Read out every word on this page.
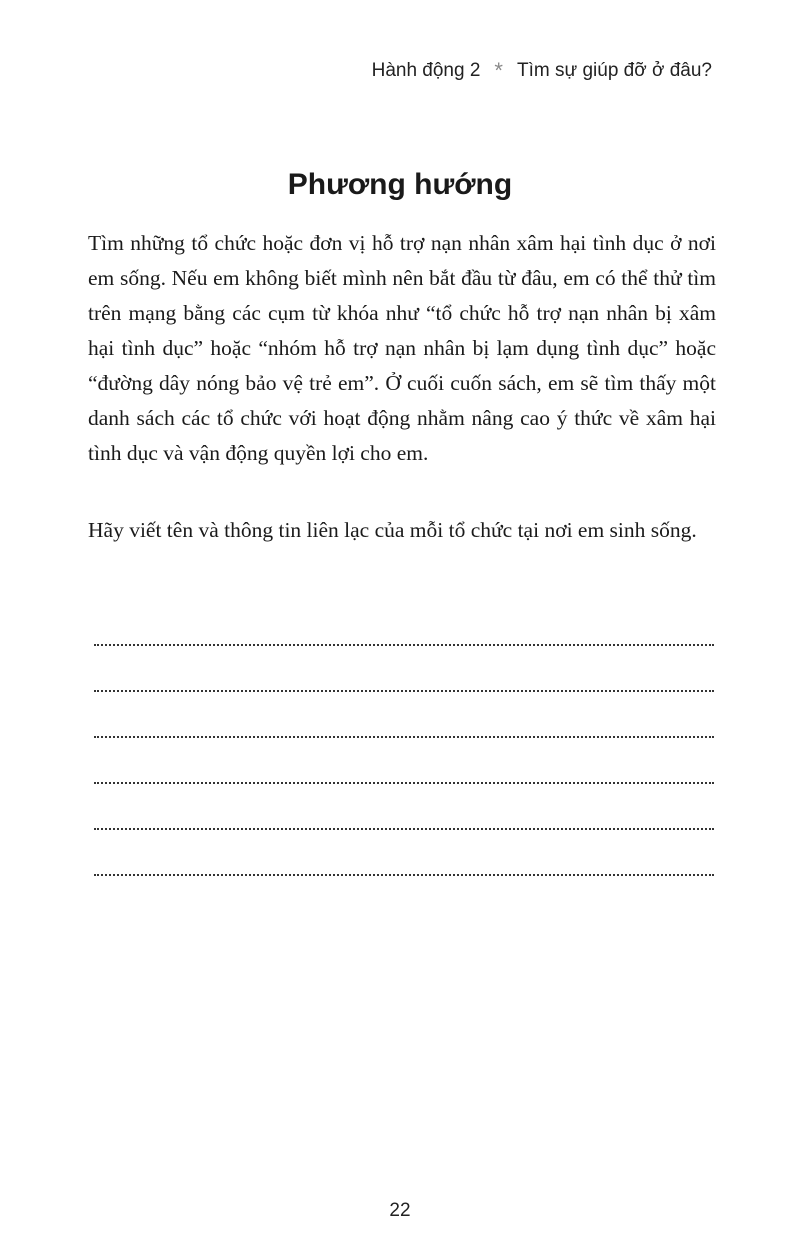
Hành động 2 * Tìm sự giúp đỡ ở đâu?
Phương hướng

Tìm những tổ chức hoặc đơn vị hỗ trợ nạn nhân xâm hại tình dục ở nơi em sống. Nếu em không biết mình nên bắt đầu từ đâu, em có thể thử tìm trên mạng bằng các cụm từ khóa như “tổ chức hỗ trợ nạn nhân bị xâm hại tình dục” hoặc “nhóm hỗ trợ nạn nhân bị lạm dụng tình dục” hoặc “đường dây nóng bảo vệ trẻ em”. Ở cuối cuốn sách, em sẽ tìm thấy một danh sách các tổ chức với hoạt động nhằm nâng cao ý thức về xâm hại tình dục và vận động quyền lợi cho em.

Hãy viết tên và thông tin liên lạc của mỗi tổ chức tại nơi em sinh sống.

22
